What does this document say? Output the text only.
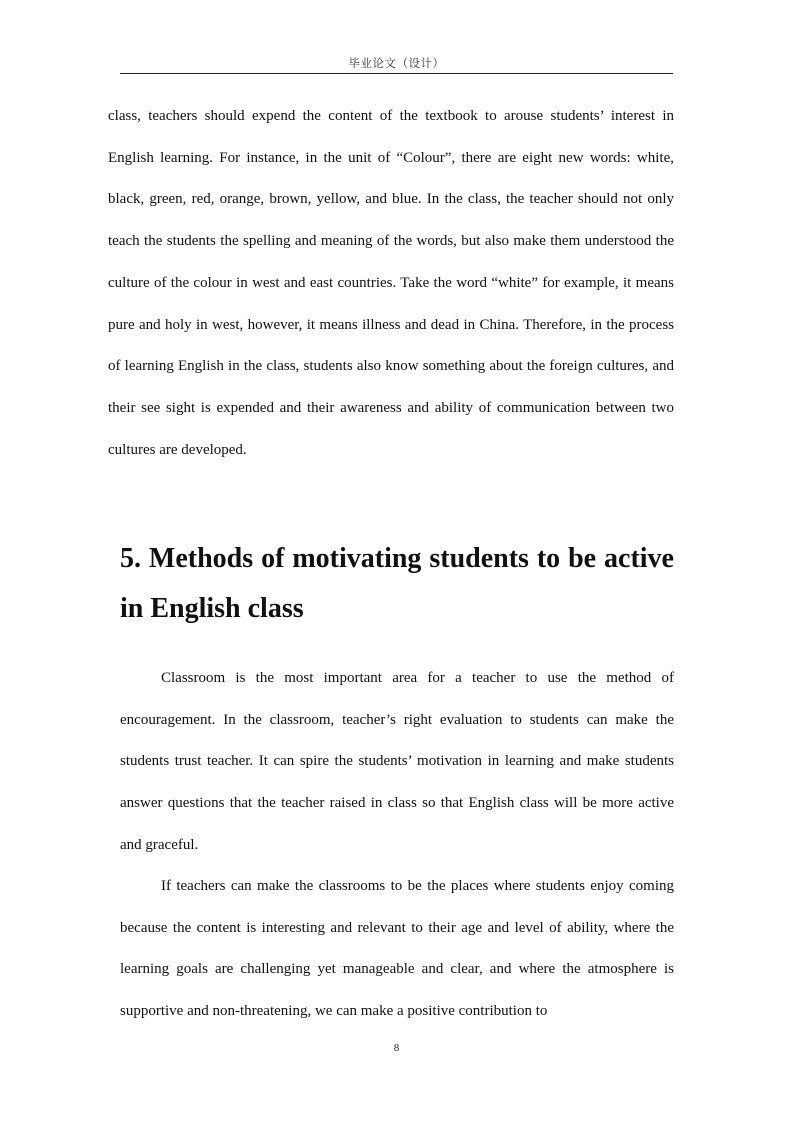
毕业论文（设计）

class, teachers should expend the content of the textbook to arouse students’ interest in English learning. For instance, in the unit of “Colour”, there are eight new words: white, black, green, red, orange, brown, yellow, and blue. In the class, the teacher should not only teach the students the spelling and meaning of the words, but also make them understood the culture of the colour in west and east countries. Take the word “white” for example, it means pure and holy in west, however, it means illness and dead in China. Therefore, in the process of learning English in the class, students also know something about the foreign cultures, and their see sight is expended and their awareness and ability of communication between two cultures are developed.

5. Methods of motivating students to be active in English class

Classroom is the most important area for a teacher to use the method of encouragement. In the classroom, teacher’s right evaluation to students can make the students trust teacher. It can spire the students’ motivation in learning and make students answer questions that the teacher raised in class so that English class will be more active and graceful.

If teachers can make the classrooms to be the places where students enjoy coming because the content is interesting and relevant to their age and level of ability, where the learning goals are challenging yet manageable and clear, and where the atmosphere is supportive and non-threatening, we can make a positive contribution to

8
